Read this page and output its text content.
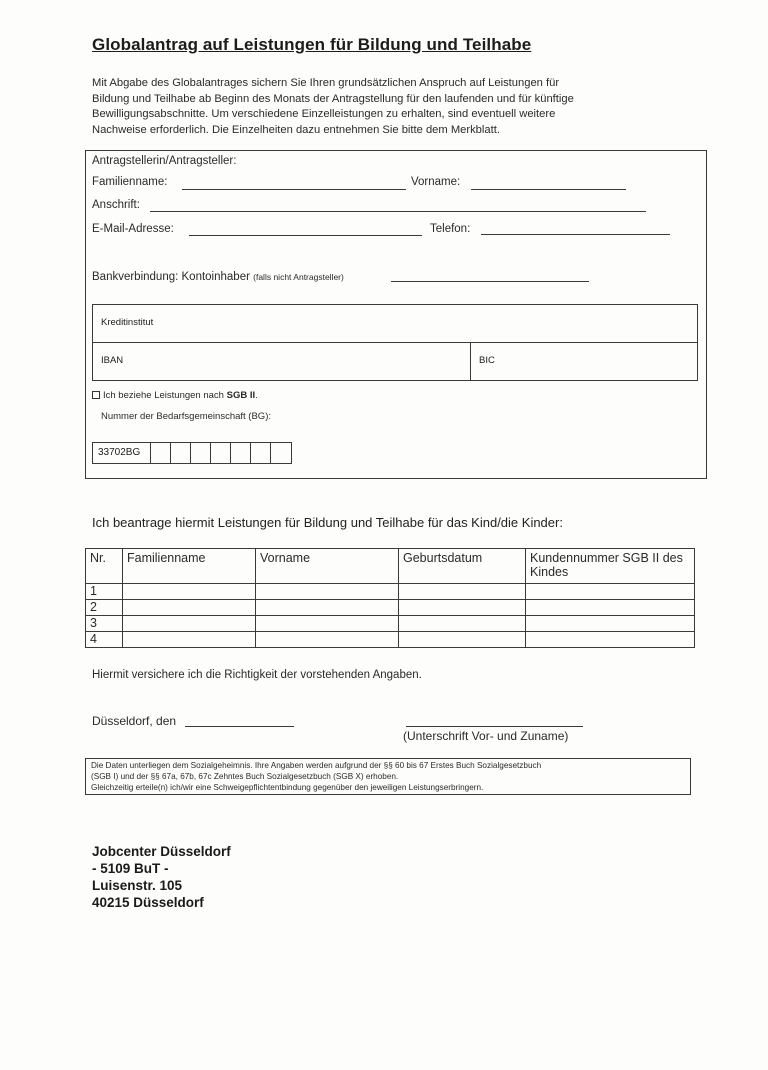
Globalantrag auf Leistungen für Bildung und Teilhabe
Mit Abgabe des Globalantrages sichern Sie Ihren grundsätzlichen Anspruch auf Leistungen für
Bildung und Teilhabe ab Beginn des Monats der Antragstellung für den laufenden und für künftige
Bewilligungsabschnitte. Um verschiedene Einzelleistungen zu erhalten, sind eventuell weitere
Nachweise erforderlich. Die Einzelheiten dazu entnehmen Sie bitte dem Merkblatt.
Antragstellerin/Antragsteller:
Familienname:	Vorname:
Anschrift:
E-Mail-Adresse:	Telefon:
Bankverbindung: Kontoinhaber (falls nicht Antragsteller)
Kreditinstitut
IBAN	BIC
Ich beziehe Leistungen nach SGB II.
Nummer der Bedarfsgemeinschaft (BG):
33702BG
Ich beantrage hiermit Leistungen für Bildung und Teilhabe für das Kind/die Kinder:
Nr.	Familienname	Vorname	Geburtsdatum	Kundennummer SGB II des Kindes
1				
2				
3				
4				
Hiermit versichere ich die Richtigkeit der vorstehenden Angaben.
Düsseldorf, den
(Unterschrift Vor- und Zuname)
Die Daten unterliegen dem Sozialgeheimnis. Ihre Angaben werden aufgrund der §§ 60 bis 67 Erstes Buch Sozialgesetzbuch
(SGB I) und der §§ 67a, 67b, 67c Zehntes Buch Sozialgesetzbuch (SGB X) erhoben.
Gleichzeitig erteile(n) ich/wir eine Schweigepflichtentbindung gegenüber den jeweiligen Leistungserbringern.
Jobcenter Düsseldorf
- 5109 BuT -
Luisenstr. 105
40215 Düsseldorf
